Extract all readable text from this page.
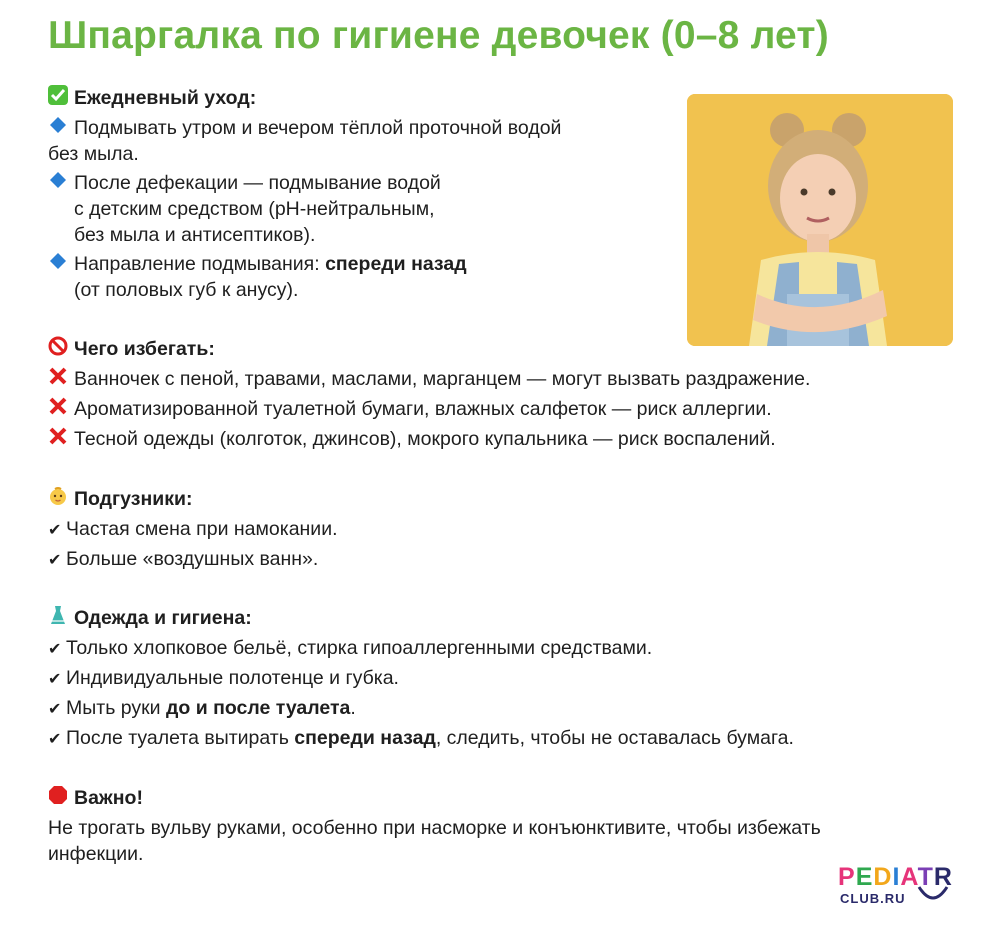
Шпаргалка по гигиене девочек (0–8 лет)
Ежедневный уход:
Подмывать утром и вечером тёплой проточной водой
без мыла.
После дефекации — подмывание водой
с детским средством (pH-нейтральным,
без мыла и антисептиков).
Направление подмывания: спереди назад
(от половых губ к анусу).
Чего избегать:
Ванночек с пеной, травами, маслами, марганцем — могут вызвать раздражение.
Ароматизированной туалетной бумаги, влажных салфеток — риск аллергии.
Тесной одежды (колготок, джинсов), мокрого купальника — риск воспалений.
Подгузники:
✔ Частая смена при намокании.
✔ Больше «воздушных ванн».
Одежда и гигиена:
✔ Только хлопковое бельё, стирка гипоаллергенными средствами.
✔ Индивидуальные полотенце и губка.
✔ Мыть руки до и после туалета.
✔ После туалета вытирать спереди назад, следить, чтобы не оставалась бумага.
Важно!
Не трогать вульву руками, особенно при насморке и конъюнктивите, чтобы избежать
инфекции.
PEDIATR
CLUB.RU
